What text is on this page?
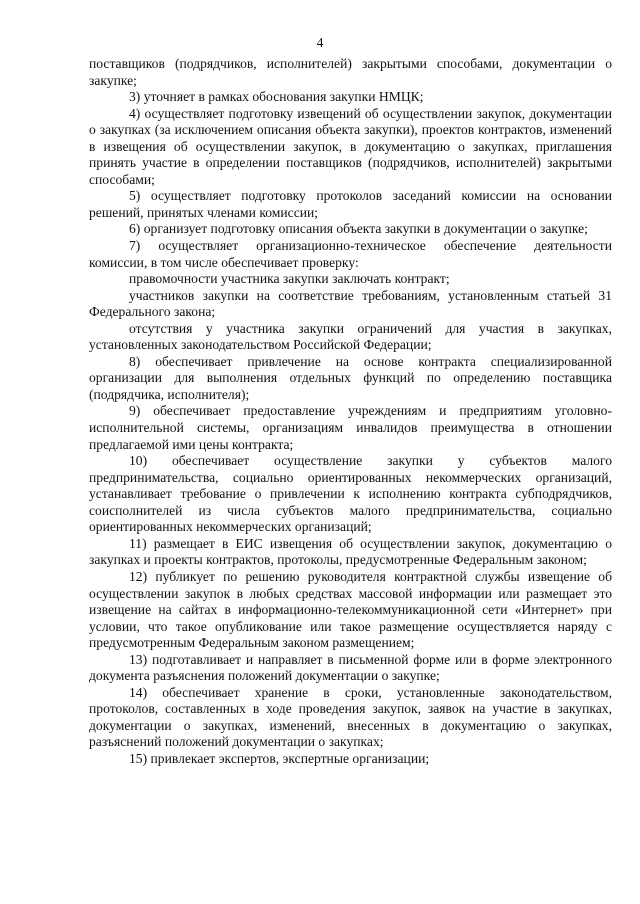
4

поставщиков (подрядчиков, исполнителей) закрытыми способами, документации о закупке;

3) уточняет в рамках обоснования закупки НМЦК;

4) осуществляет подготовку извещений об осуществлении закупок, документации о закупках (за исключением описания объекта закупки), проектов контрактов, изменений в извещения об осуществлении закупок, в документацию о закупках, приглашения принять участие в определении поставщиков (подрядчиков, исполнителей) закрытыми способами;

5) осуществляет подготовку протоколов заседаний комиссии на основании решений, принятых членами комиссии;

6) организует подготовку описания объекта закупки в документации о закупке;

7) осуществляет организационно-техническое обеспечение деятельности комиссии, в том числе обеспечивает проверку:

правомочности участника закупки заключать контракт;

участников закупки на соответствие требованиям, установленным статьей 31 Федерального закона;

отсутствия у участника закупки ограничений для участия в закупках, установленных законодательством Российской Федерации;

8) обеспечивает привлечение на основе контракта специализированной организации для выполнения отдельных функций по определению поставщика (подрядчика, исполнителя);

9) обеспечивает предоставление учреждениям и предприятиям уголовно-исполнительной системы, организациям инвалидов преимущества в отношении предлагаемой ими цены контракта;

10) обеспечивает осуществление закупки у субъектов малого предпринимательства, социально ориентированных некоммерческих организаций, устанавливает требование о привлечении к исполнению контракта субподрядчиков, соисполнителей из числа субъектов малого предпринимательства, социально ориентированных некоммерческих организаций;

11) размещает в ЕИС извещения об осуществлении закупок, документацию о закупках и проекты контрактов, протоколы, предусмотренные Федеральным законом;

12) публикует по решению руководителя контрактной службы извещение об осуществлении закупок в любых средствах массовой информации или размещает это извещение на сайтах в информационно-телекоммуникационной сети «Интернет» при условии, что такое опубликование или такое размещение осуществляется наряду с предусмотренным Федеральным законом размещением;

13) подготавливает и направляет в письменной форме или в форме электронного документа разъяснения положений документации о закупке;

14) обеспечивает хранение в сроки, установленные законодательством, протоколов, составленных в ходе проведения закупок, заявок на участие в закупках, документации о закупках, изменений, внесенных в документацию о закупках, разъяснений положений документации о закупках;

15) привлекает экспертов, экспертные организации;
